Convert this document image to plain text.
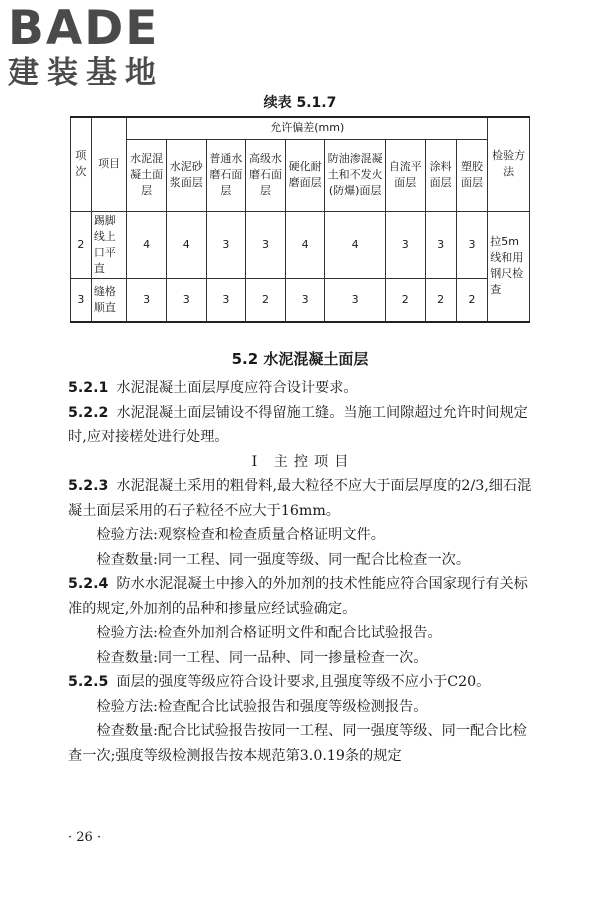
BADE
建装基地
续表 5.1.7
项次	项目	允许偏差(mm)									检验方法
		水泥混凝土面层	水泥砂浆面层	普通水磨石面层	高级水磨石面层	硬化耐磨面层	防油渗混凝土和不发火(防爆)面层	自流平面层	涂料面层	塑胶面层	
2	踢脚线上口平直	4	4	3	3	4	4	3	3	3	拉5m线和用钢尺检查
3	缝格顺直	3	3	3	2	3	3	2	2	2	
5.2 水泥混凝土面层

5.2.1 水泥混凝土面层厚度应符合设计要求。

5.2.2 水泥混凝土面层铺设不得留施工缝。当施工间隙超过允许时间规定时,应对接槎处进行处理。

I 主控项目

5.2.3 水泥混凝土采用的粗骨料,最大粒径不应大于面层厚度的2/3,细石混凝土面层采用的石子粒径不应大于16mm。

检验方法:观察检查和检查质量合格证明文件。

检查数量:同一工程、同一强度等级、同一配合比检查一次。

5.2.4 防水水泥混凝土中掺入的外加剂的技术性能应符合国家现行有关标准的规定,外加剂的品种和掺量应经试验确定。

检验方法:检查外加剂合格证明文件和配合比试验报告。

检查数量:同一工程、同一品种、同一掺量检查一次。

5.2.5 面层的强度等级应符合设计要求,且强度等级不应小于C20。

检验方法:检查配合比试验报告和强度等级检测报告。

检查数量:配合比试验报告按同一工程、同一强度等级、同一配合比检查一次;强度等级检测报告按本规范第3.0.19条的规定

· 26 ·
